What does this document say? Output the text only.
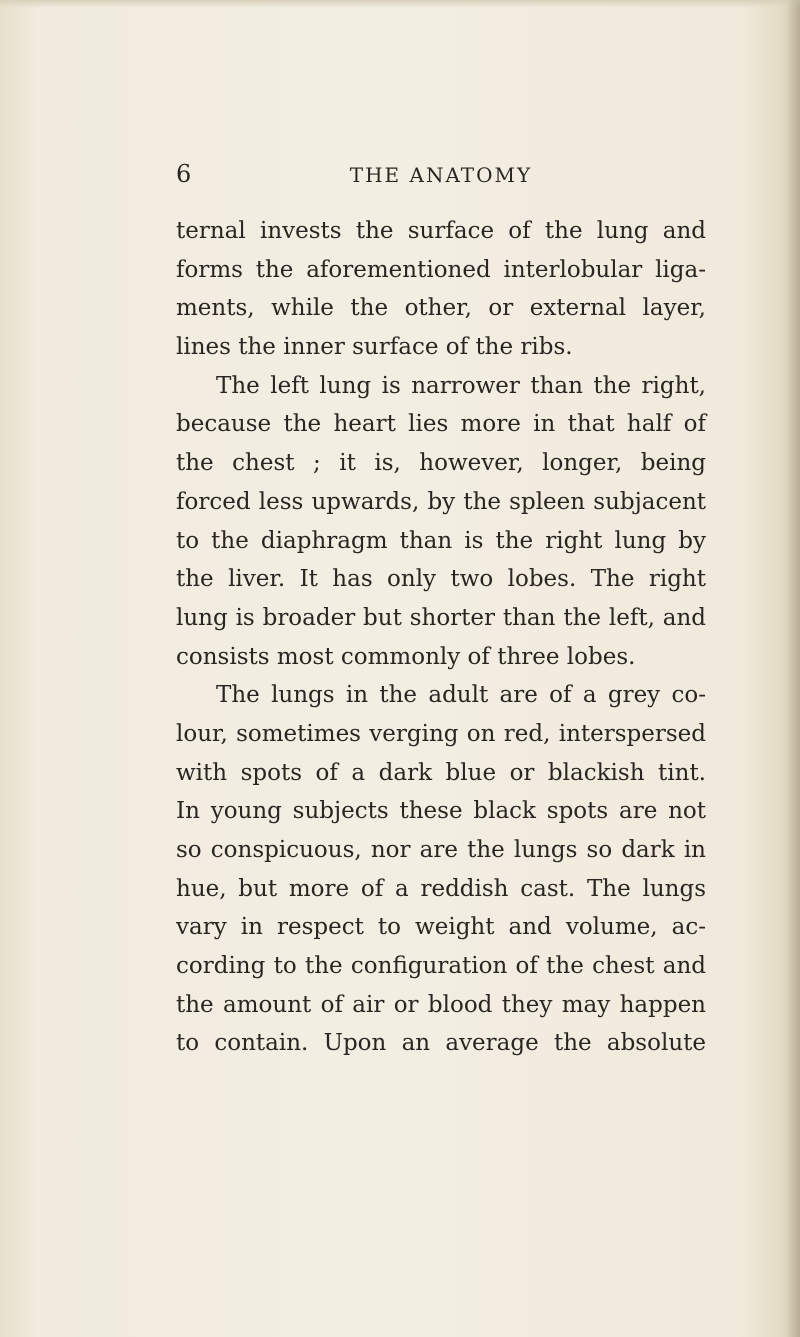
6	THE ANATOMY
ternal invests the surface of the lung and
forms the aforementioned interlobular liga-
ments, while the other, or external layer,
lines the inner surface of the ribs.
The left lung is narrower than the right,
because the heart lies more in that half of
the chest ; it is, however, longer, being
forced less upwards, by the spleen subjacent
to the diaphragm than is the right lung by
the liver. It has only two lobes. The right
lung is broader but shorter than the left, and
consists most commonly of three lobes.
The lungs in the adult are of a grey co-
lour, sometimes verging on red, interspersed
with spots of a dark blue or blackish tint.
In young subjects these black spots are not
so conspicuous, nor are the lungs so dark in
hue, but more of a reddish cast. The lungs
vary in respect to weight and volume, ac-
cording to the configuration of the chest and
the amount of air or blood they may happen
to contain. Upon an average the absolute
